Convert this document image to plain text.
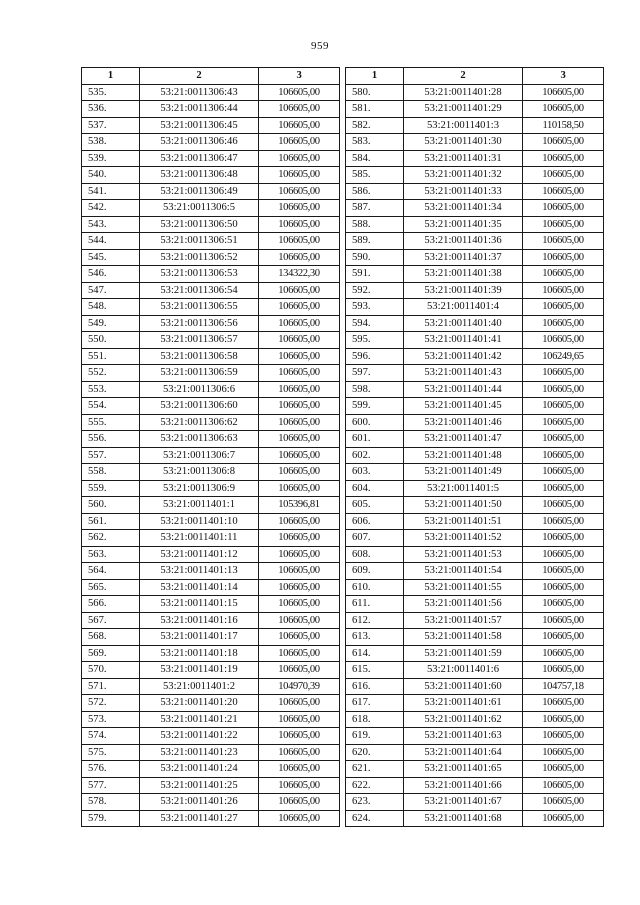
959
1	2	3
535.	53:21:0011306:43	106605,00
536.	53:21:0011306:44	106605,00
537.	53:21:0011306:45	106605,00
538.	53:21:0011306:46	106605,00
539.	53:21:0011306:47	106605,00
540.	53:21:0011306:48	106605,00
541.	53:21:0011306:49	106605,00
542.	53:21:0011306:5	106605,00
543.	53:21:0011306:50	106605,00
544.	53:21:0011306:51	106605,00
545.	53:21:0011306:52	106605,00
546.	53:21:0011306:53	134322,30
547.	53:21:0011306:54	106605,00
548.	53:21:0011306:55	106605,00
549.	53:21:0011306:56	106605,00
550.	53:21:0011306:57	106605,00
551.	53:21:0011306:58	106605,00
552.	53:21:0011306:59	106605,00
553.	53:21:0011306:6	106605,00
554.	53:21:0011306:60	106605,00
555.	53:21:0011306:62	106605,00
556.	53:21:0011306:63	106605,00
557.	53:21:0011306:7	106605,00
558.	53:21:0011306:8	106605,00
559.	53:21:0011306:9	106605,00
560.	53:21:0011401:1	105396,81
561.	53:21:0011401:10	106605,00
562.	53:21:0011401:11	106605,00
563.	53:21:0011401:12	106605,00
564.	53:21:0011401:13	106605,00
565.	53:21:0011401:14	106605,00
566.	53:21:0011401:15	106605,00
567.	53:21:0011401:16	106605,00
568.	53:21:0011401:17	106605,00
569.	53:21:0011401:18	106605,00
570.	53:21:0011401:19	106605,00
571.	53:21:0011401:2	104970,39
572.	53:21:0011401:20	106605,00
573.	53:21:0011401:21	106605,00
574.	53:21:0011401:22	106605,00
575.	53:21:0011401:23	106605,00
576.	53:21:0011401:24	106605,00
577.	53:21:0011401:25	106605,00
578.	53:21:0011401:26	106605,00
579.	53:21:0011401:27	106605,00
1	2	3
580.	53:21:0011401:28	106605,00
581.	53:21:0011401:29	106605,00
582.	53:21:0011401:3	110158,50
583.	53:21:0011401:30	106605,00
584.	53:21:0011401:31	106605,00
585.	53:21:0011401:32	106605,00
586.	53:21:0011401:33	106605,00
587.	53:21:0011401:34	106605,00
588.	53:21:0011401:35	106605,00
589.	53:21:0011401:36	106605,00
590.	53:21:0011401:37	106605,00
591.	53:21:0011401:38	106605,00
592.	53:21:0011401:39	106605,00
593.	53:21:0011401:4	106605,00
594.	53:21:0011401:40	106605,00
595.	53:21:0011401:41	106605,00
596.	53:21:0011401:42	106249,65
597.	53:21:0011401:43	106605,00
598.	53:21:0011401:44	106605,00
599.	53:21:0011401:45	106605,00
600.	53:21:0011401:46	106605,00
601.	53:21:0011401:47	106605,00
602.	53:21:0011401:48	106605,00
603.	53:21:0011401:49	106605,00
604.	53:21:0011401:5	106605,00
605.	53:21:0011401:50	106605,00
606.	53:21:0011401:51	106605,00
607.	53:21:0011401:52	106605,00
608.	53:21:0011401:53	106605,00
609.	53:21:0011401:54	106605,00
610.	53:21:0011401:55	106605,00
611.	53:21:0011401:56	106605,00
612.	53:21:0011401:57	106605,00
613.	53:21:0011401:58	106605,00
614.	53:21:0011401:59	106605,00
615.	53:21:0011401:6	106605,00
616.	53:21:0011401:60	104757,18
617.	53:21:0011401:61	106605,00
618.	53:21:0011401:62	106605,00
619.	53:21:0011401:63	106605,00
620.	53:21:0011401:64	106605,00
621.	53:21:0011401:65	106605,00
622.	53:21:0011401:66	106605,00
623.	53:21:0011401:67	106605,00
624.	53:21:0011401:68	106605,00
